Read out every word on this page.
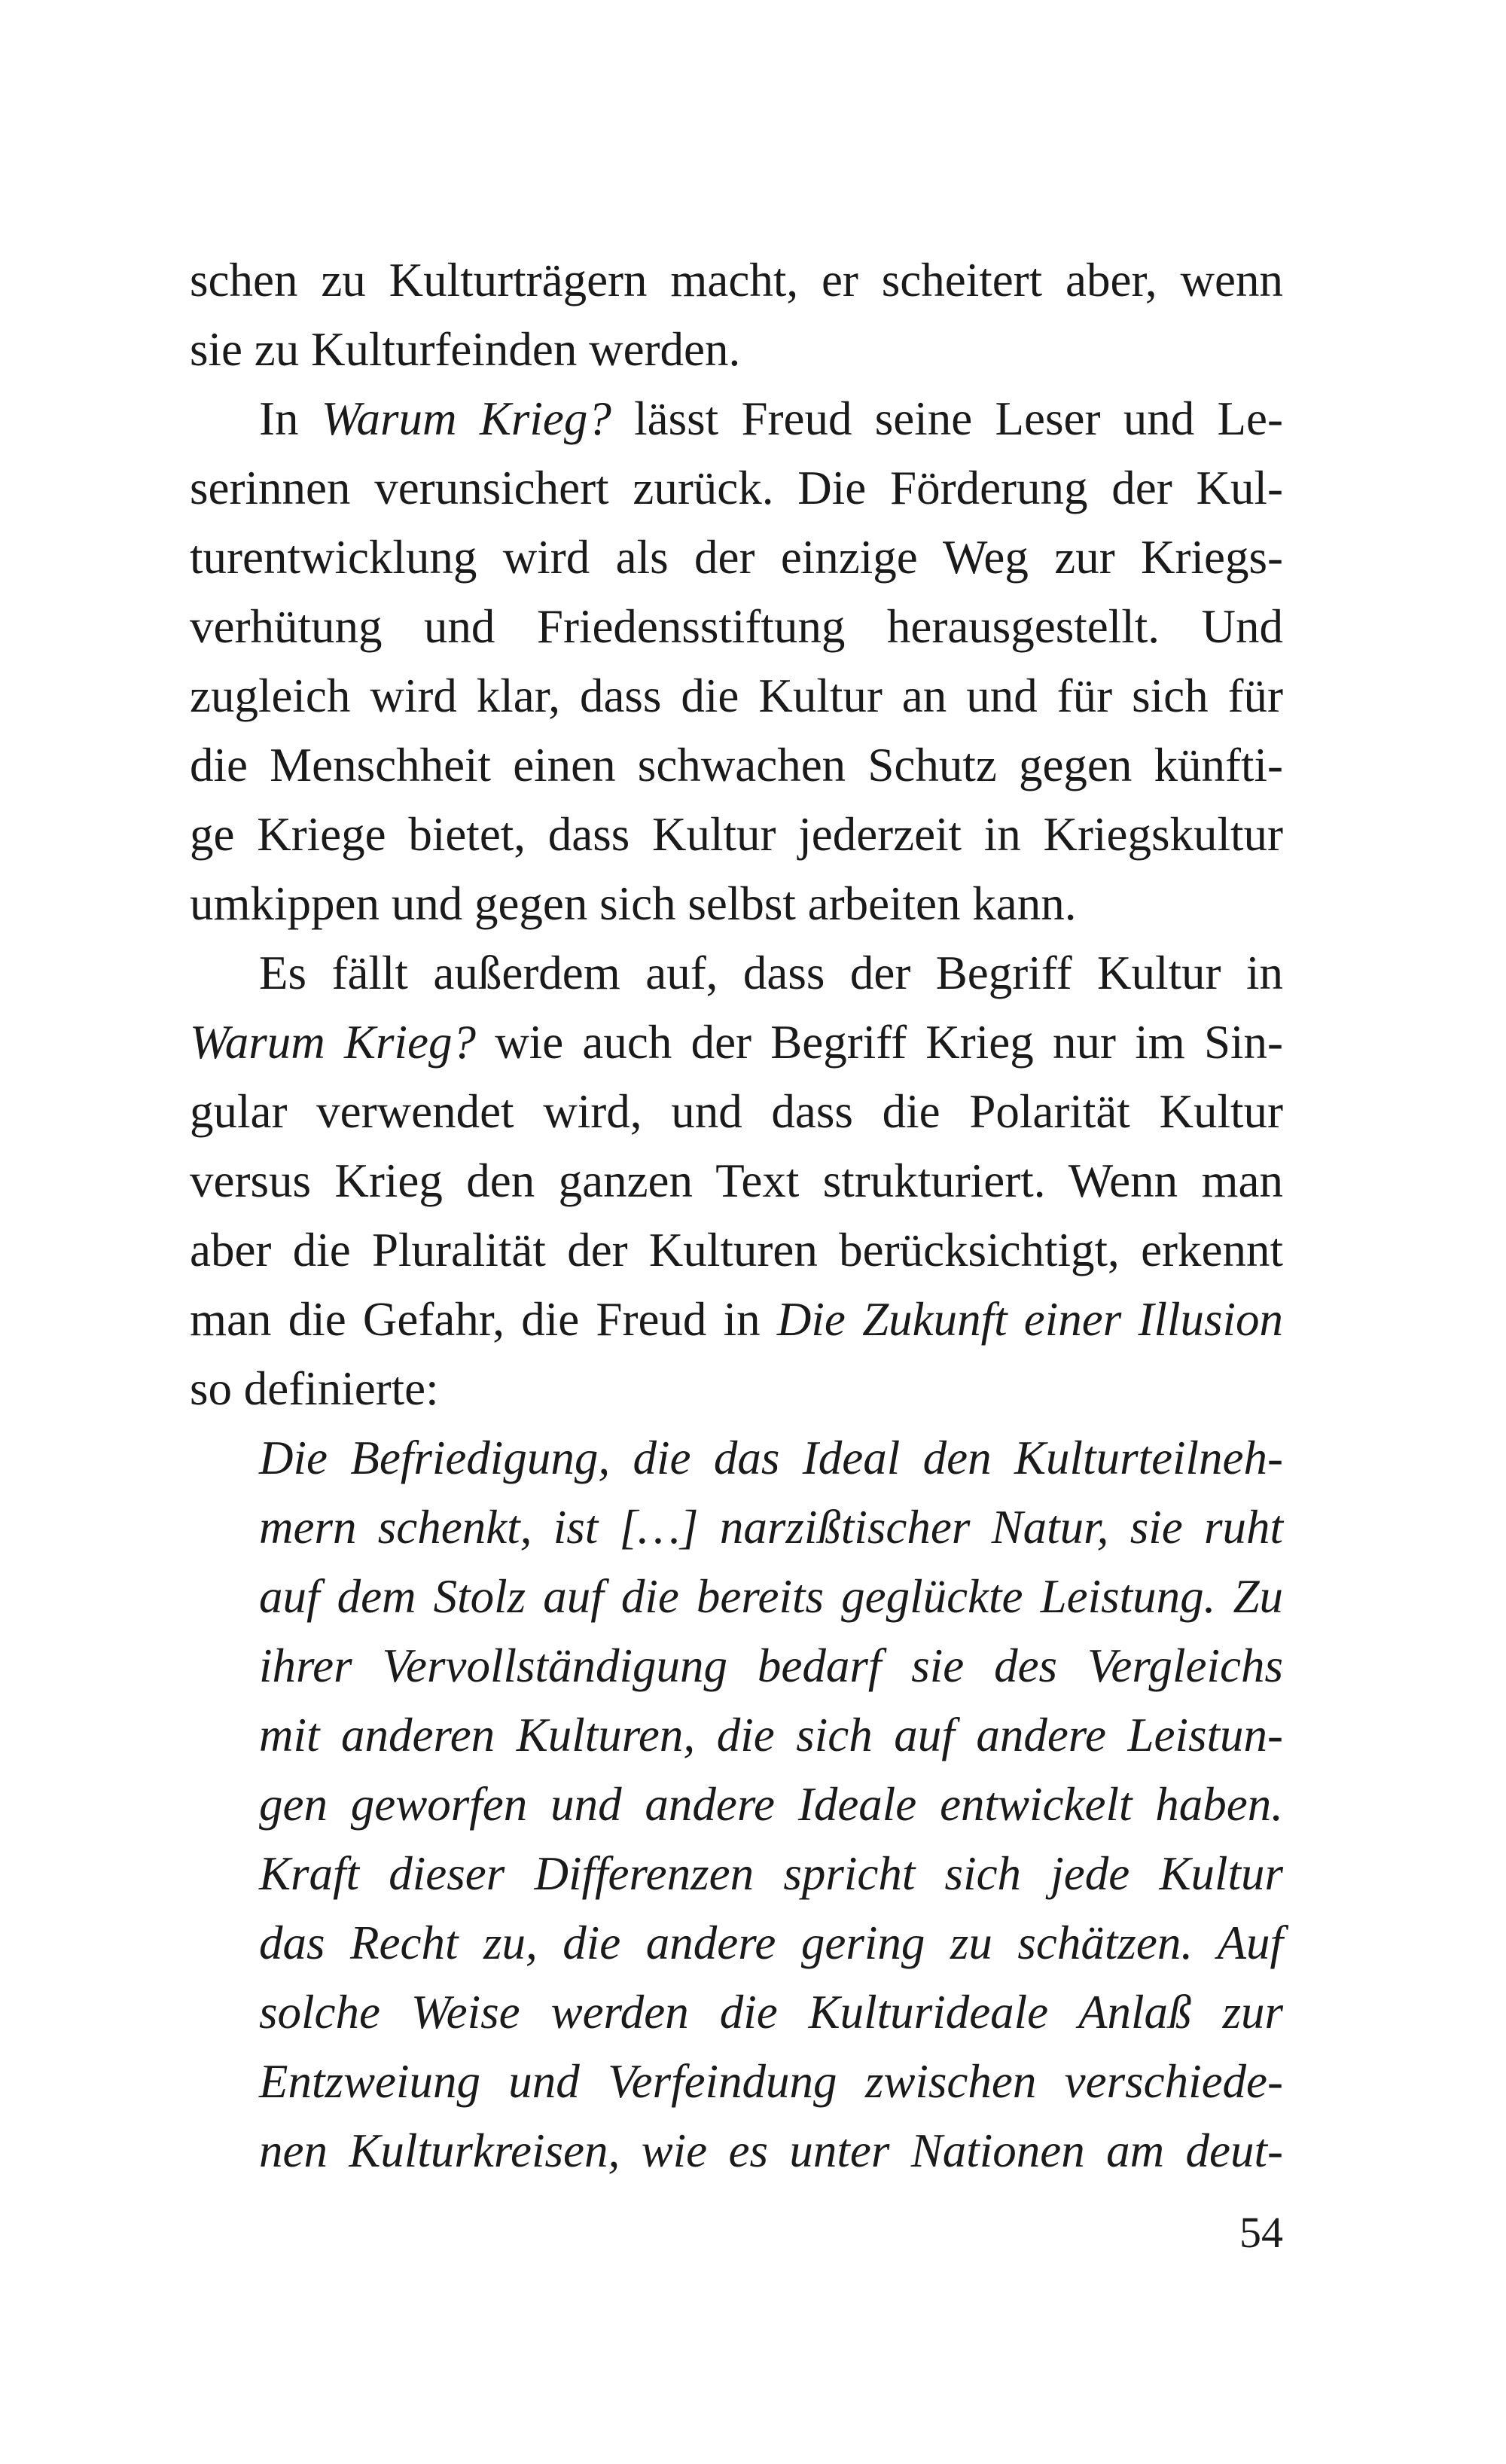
schen zu Kulturträgern macht, er scheitert aber, wenn
sie zu Kulturfeinden werden.
In Warum Krieg? lässt Freud seine Leser und Le-
serinnen verunsichert zurück. Die Förderung der Kul-
turentwicklung wird als der einzige Weg zur Kriegs-
verhütung und Friedensstiftung herausgestellt. Und
zugleich wird klar, dass die Kultur an und für sich für
die Menschheit einen schwachen Schutz gegen künfti-
ge Kriege bietet, dass Kultur jederzeit in Kriegskultur
umkippen und gegen sich selbst arbeiten kann.
Es fällt außerdem auf, dass der Begriff Kultur in
Warum Krieg? wie auch der Begriff Krieg nur im Sin-
gular verwendet wird, und dass die Polarität Kultur
versus Krieg den ganzen Text strukturiert. Wenn man
aber die Pluralität der Kulturen berücksichtigt, erkennt
man die Gefahr, die Freud in Die Zukunft einer Illusion
so definierte:
Die Befriedigung, die das Ideal den Kulturteilneh-
mern schenkt, ist […] narzißtischer Natur, sie ruht
auf dem Stolz auf die bereits geglückte Leistung. Zu
ihrer Vervollständigung bedarf sie des Vergleichs
mit anderen Kulturen, die sich auf andere Leistun-
gen geworfen und andere Ideale entwickelt haben.
Kraft dieser Differenzen spricht sich jede Kultur
das Recht zu, die andere gering zu schätzen. Auf
solche Weise werden die Kulturideale Anlaß zur
Entzweiung und Verfeindung zwischen verschiede-
nen Kulturkreisen, wie es unter Nationen am deut-
54
